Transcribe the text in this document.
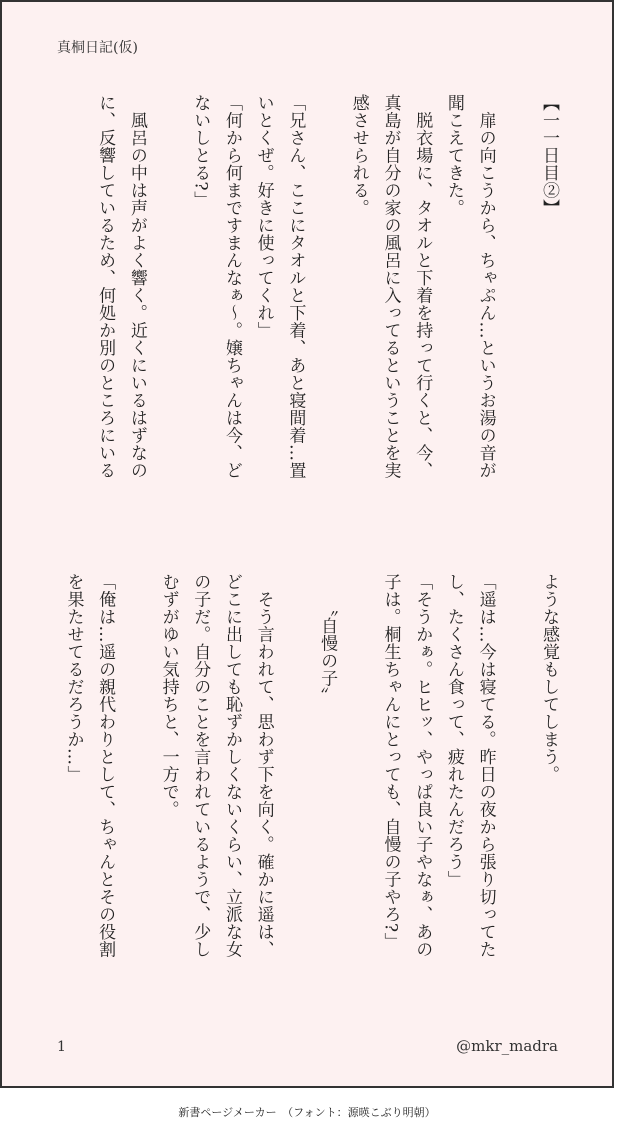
真桐日記(仮)
【一一日目②】

　扉の向こうから、ちゃぷん…というお湯の音が
聞こえてきた。
　脱衣場に、タオルと下着を持って行くと、今、
真島が自分の家の風呂に入ってるということを実
感させられる。

「兄さん、ここにタオルと下着、あと寝間着…置
いとくぜ。好きに使ってくれ」
「何から何まですまんなぁ〜。嬢ちゃんは今、ど
ないしとる?」

　風呂の中は声がよく響く。近くにいるはずなの
に、反響しているため、何処か別のところにいる
ような感覚もしてしまう。

「遥は…今は寝てる。昨日の夜から張り切ってた
し、たくさん食って、疲れたんだろう」
「そうかぁ。ヒヒッ、やっぱ良い子やなぁ、あの
子は。桐生ちゃんにとっても、自慢の子やろ?」

　　〝自慢の子〟

　そう言われて、思わず下を向く。確かに遥は、
どこに出しても恥ずかしくないくらい、立派な女
の子だ。自分のことを言われているようで、少し
むずがゆい気持ちと、一方で。

「俺は…遥の親代わりとして、ちゃんとその役割
を果たせてるだろうか…」
1	@mkr_madra
新書ページメーカー　（フォント：源暎こぶり明朝）
